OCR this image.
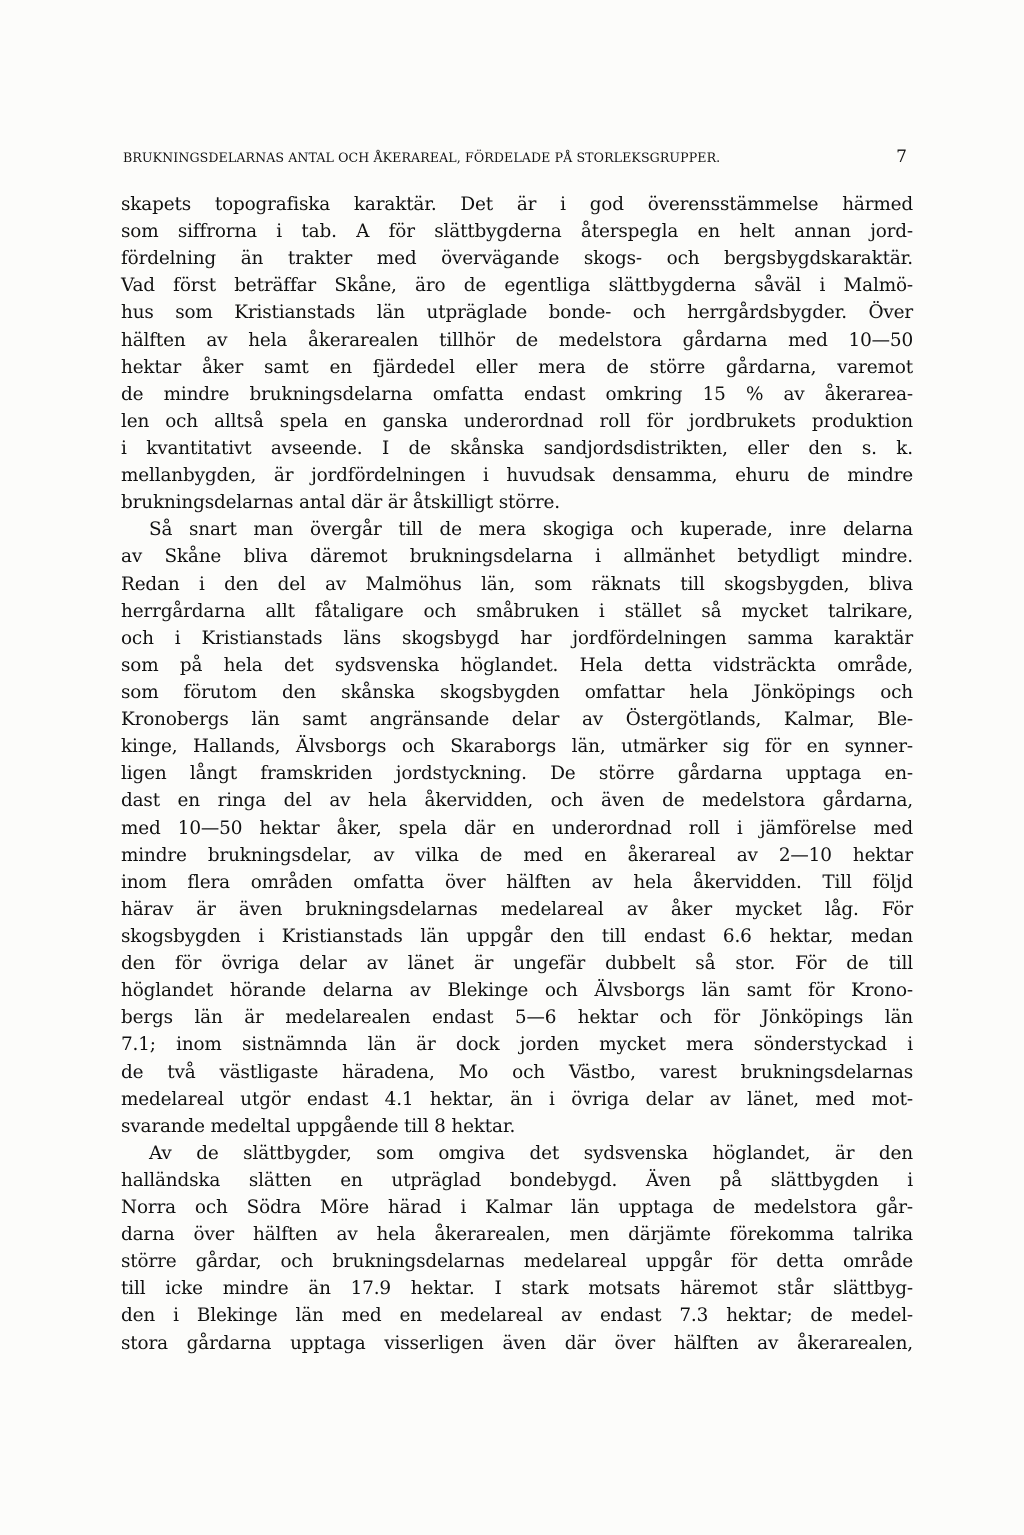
BRUKNINGSDELARNAS ANTAL OCH ÅKERAREAL, FÖRDELADE PÅ STORLEKSGRUPPER.	7
skapets topografiska karaktär. Det är i god överensstämmelse härmed
som siffrorna i tab. A för slättbygderna återspegla en helt annan jord-
fördelning än trakter med övervägande skogs- och bergsbygdskaraktär.
Vad först beträffar Skåne, äro de egentliga slättbygderna såväl i Malmö-
hus som Kristianstads län utpräglade bonde- och herrgårdsbygder. Över
hälften av hela åkerarealen tillhör de medelstora gårdarna med 10—50
hektar åker samt en fjärdedel eller mera de större gårdarna, varemot
de mindre brukningsdelarna omfatta endast omkring 15 % av åkerarea-
len och alltså spela en ganska underordnad roll för jordbrukets produktion
i kvantitativt avseende. I de skånska sandjordsdistrikten, eller den s. k.
mellanbygden, är jordfördelningen i huvudsak densamma, ehuru de mindre
brukningsdelarnas antal där är åtskilligt större.
Så snart man övergår till de mera skogiga och kuperade, inre delarna
av Skåne bliva däremot brukningsdelarna i allmänhet betydligt mindre.
Redan i den del av Malmöhus län, som räknats till skogsbygden, bliva
herrgårdarna allt fåtaligare och småbruken i stället så mycket talrikare,
och i Kristianstads läns skogsbygd har jordfördelningen samma karaktär
som på hela det sydsvenska höglandet. Hela detta vidsträckta område,
som förutom den skånska skogsbygden omfattar hela Jönköpings och
Kronobergs län samt angränsande delar av Östergötlands, Kalmar, Ble-
kinge, Hallands, Älvsborgs och Skaraborgs län, utmärker sig för en synner-
ligen långt framskriden jordstyckning. De större gårdarna upptaga en-
dast en ringa del av hela åkervidden, och även de medelstora gårdarna,
med 10—50 hektar åker, spela där en underordnad roll i jämförelse med
mindre brukningsdelar, av vilka de med en åkerareal av 2—10 hektar
inom flera områden omfatta över hälften av hela åkervidden. Till följd
härav är även brukningsdelarnas medelareal av åker mycket låg. För
skogsbygden i Kristianstads län uppgår den till endast 6.6 hektar, medan
den för övriga delar av länet är ungefär dubbelt så stor. För de till
höglandet hörande delarna av Blekinge och Älvsborgs län samt för Krono-
bergs län är medelarealen endast 5—6 hektar och för Jönköpings län
7.1; inom sistnämnda län är dock jorden mycket mera sönderstyckad i
de två västligaste häradena, Mo och Västbo, varest brukningsdelarnas
medelareal utgör endast 4.1 hektar, än i övriga delar av länet, med mot-
svarande medeltal uppgående till 8 hektar.
Av de slättbygder, som omgiva det sydsvenska höglandet, är den
halländska slätten en utpräglad bondebygd. Även på slättbygden i
Norra och Södra Möre härad i Kalmar län upptaga de medelstora går-
darna över hälften av hela åkerarealen, men därjämte förekomma talrika
större gårdar, och brukningsdelarnas medelareal uppgår för detta område
till icke mindre än 17.9 hektar. I stark motsats häremot står slättbyg-
den i Blekinge län med en medelareal av endast 7.3 hektar; de medel-
stora gårdarna upptaga visserligen även där över hälften av åkerarealen,
